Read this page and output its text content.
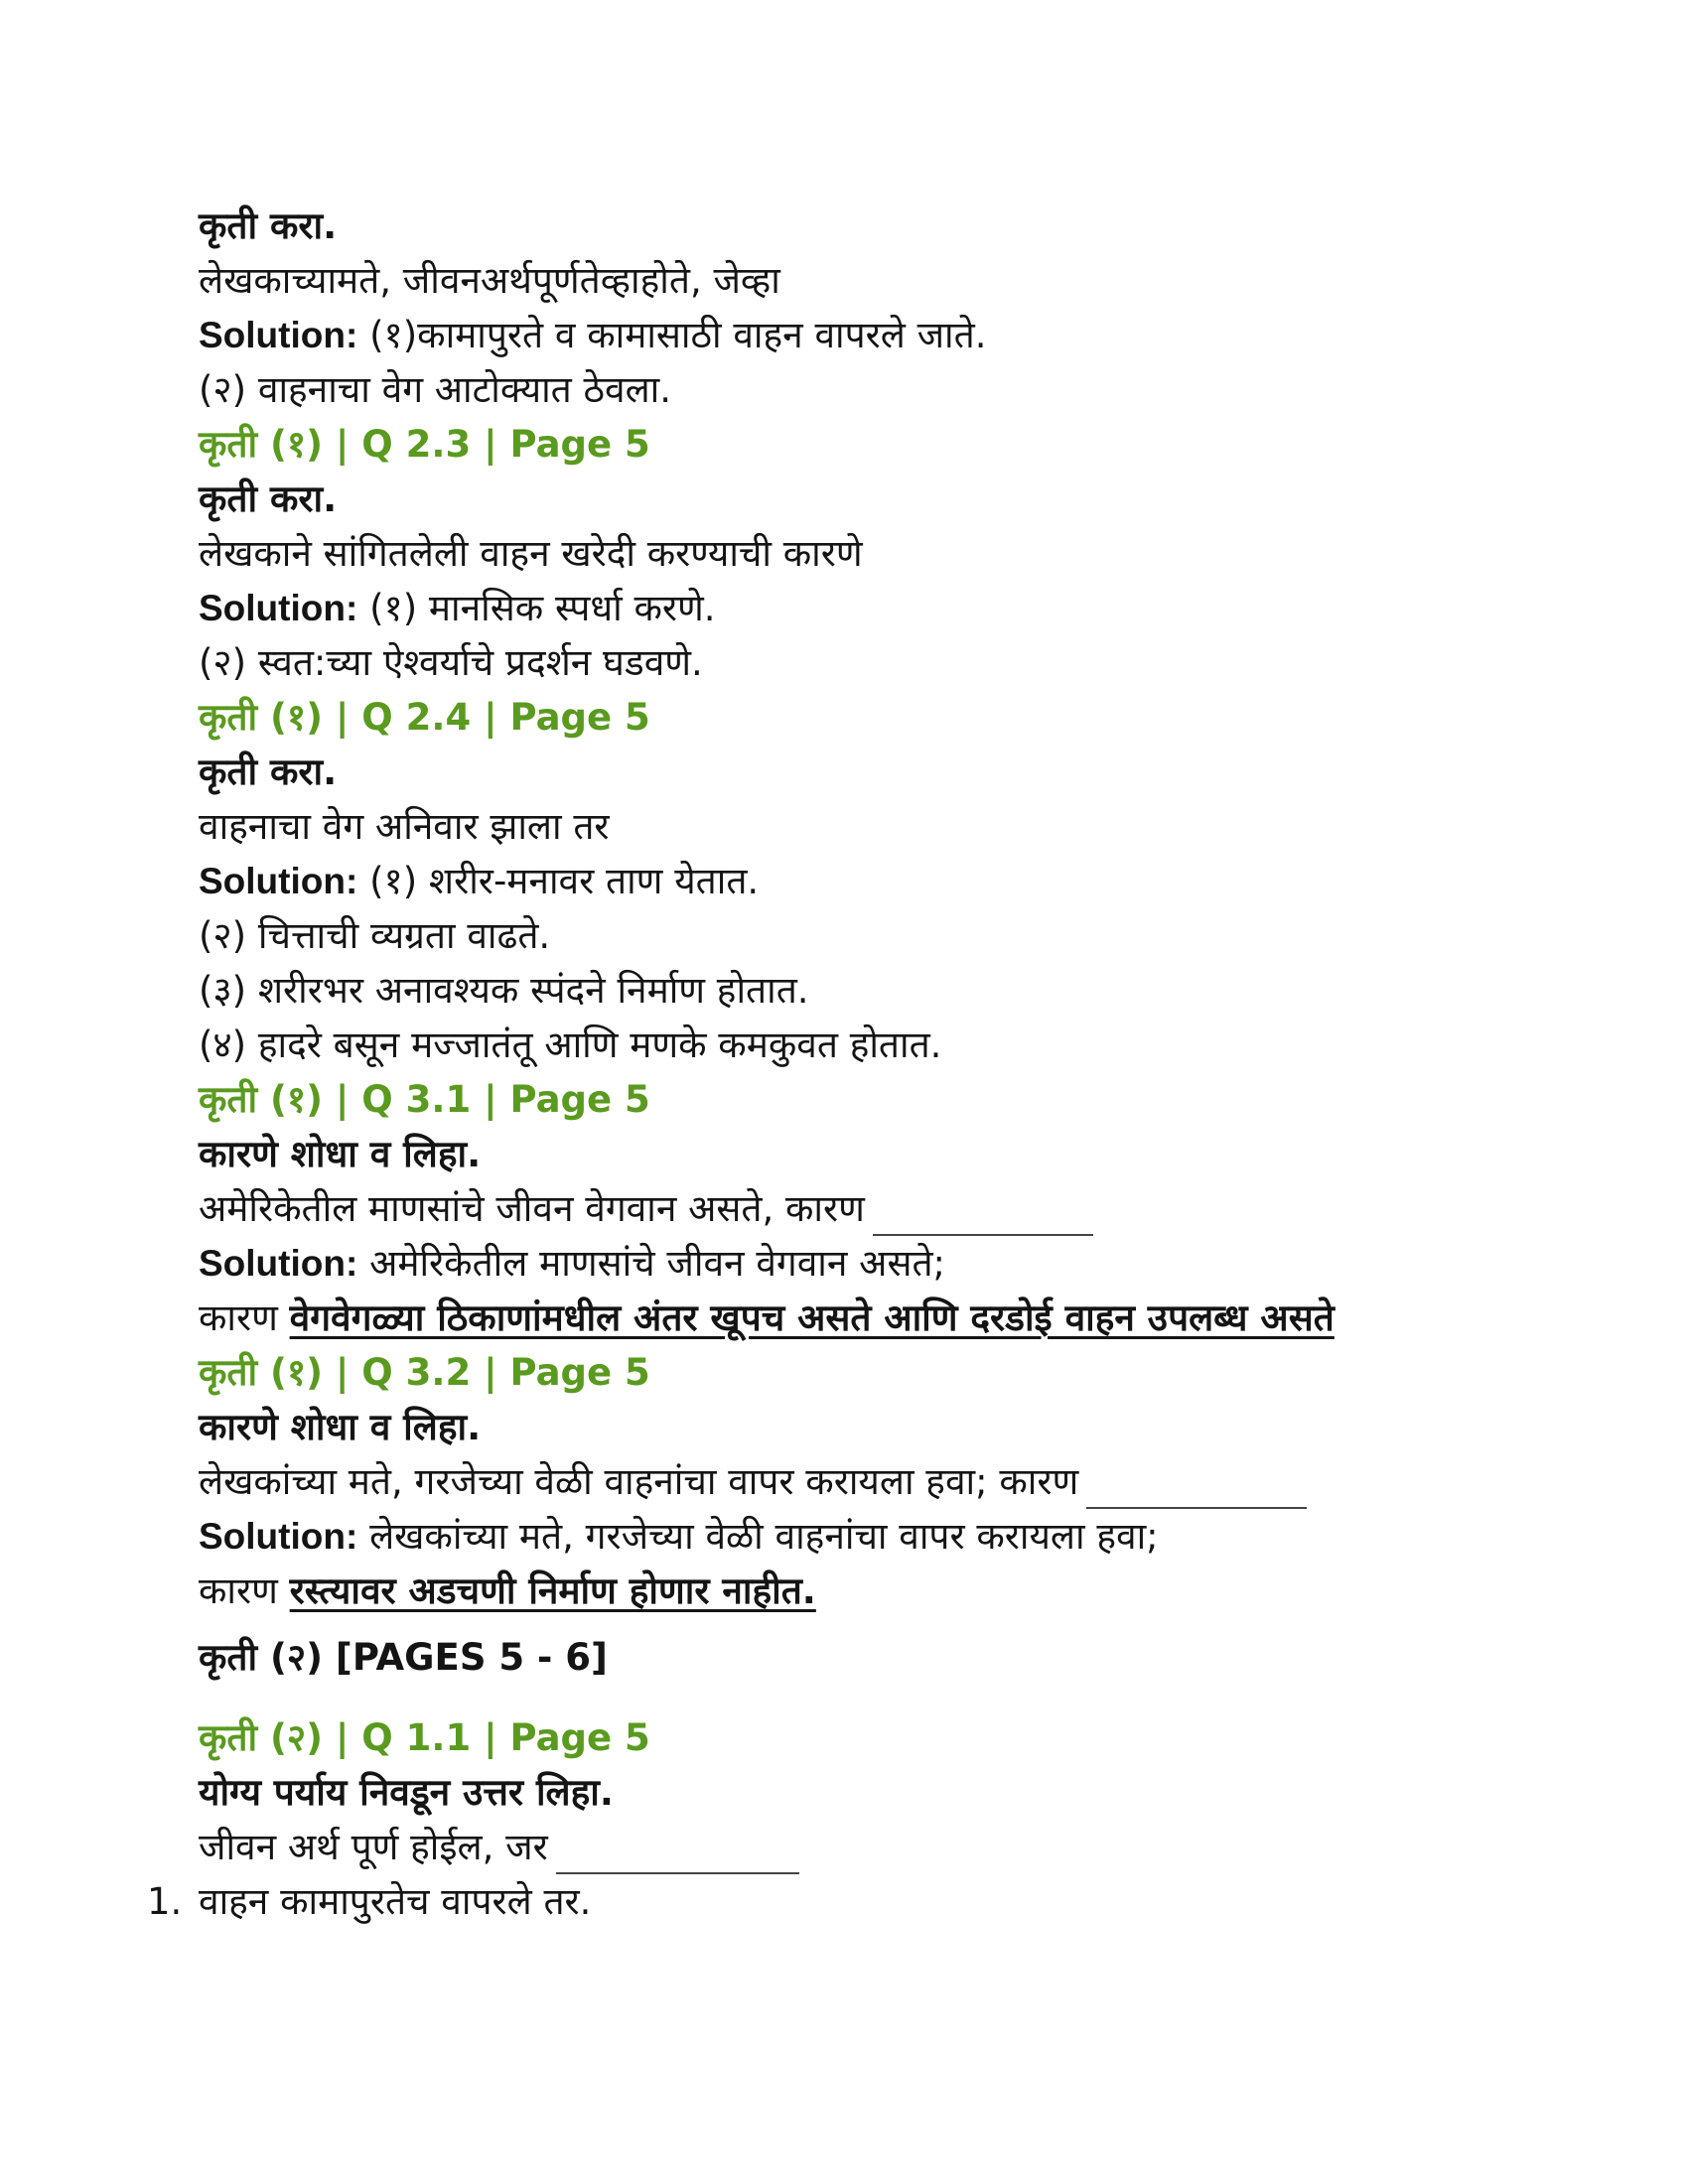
कृती करा.
लेखकाच्यामते, जीवनअर्थपूर्णतेव्हाहोते, जेव्हा
Solution: (१)कामापुरते व कामासाठी वाहन वापरले जाते.
(२) वाहनाचा वेग आटोक्यात ठेवला.
कृती (१) | Q 2.3 | Page 5
कृती करा.
लेखकाने सांगितलेली वाहन खरेदी करण्याची कारणे
Solution: (१) मानसिक स्पर्धा करणे.
(२) स्वत:च्या ऐश्वर्याचे प्रदर्शन घडवणे.
कृती (१) | Q 2.4 | Page 5
कृती करा.
वाहनाचा वेग अनिवार झाला तर
Solution: (१) शरीर-मनावर ताण येतात.
(२) चित्ताची व्यग्रता वाढते.
(३) शरीरभर अनावश्यक स्पंदने निर्माण होतात.
(४) हादरे बसून मज्जातंतू आणि मणके कमकुवत होतात.
कृती (१) | Q 3.1 | Page 5
कारणे शोधा व लिहा.
अमेरिकेतील माणसांचे जीवन वेगवान असते, कारण
Solution: अमेरिकेतील माणसांचे जीवन वेगवान असते;
कारण वेगवेगळ्या ठिकाणांमधील अंतर खूपच असते आणि दरडोई वाहन उपलब्ध असते
कृती (१) | Q 3.2 | Page 5
कारणे शोधा व लिहा.
लेखकांच्या मते, गरजेच्या वेळी वाहनांचा वापर करायला हवा; कारण
Solution: लेखकांच्या मते, गरजेच्या वेळी वाहनांचा वापर करायला हवा;
कारण रस्त्यावर अडचणी निर्माण होणार नाहीत.
कृती (२) [PAGES 5 - 6]
कृती (२) | Q 1.1 | Page 5
योग्य पर्याय निवडून उत्तर लिहा.
जीवन अर्थ पूर्ण होईल, जर
1. वाहन कामापुरतेच वापरले तर.
